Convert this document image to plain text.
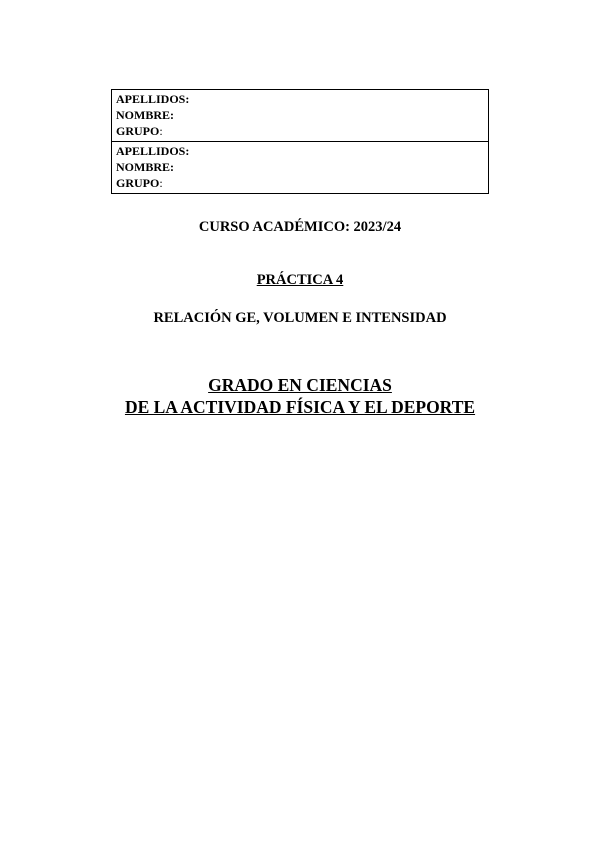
APELLIDOS:
NOMBRE:
GRUPO:
APELLIDOS:
NOMBRE:
GRUPO:
CURSO ACADÉMICO: 2023/24
PRÁCTICA 4
RELACIÓN GE, VOLUMEN E INTENSIDAD
GRADO EN CIENCIAS
DE LA ACTIVIDAD FÍSICA Y EL DEPORTE
